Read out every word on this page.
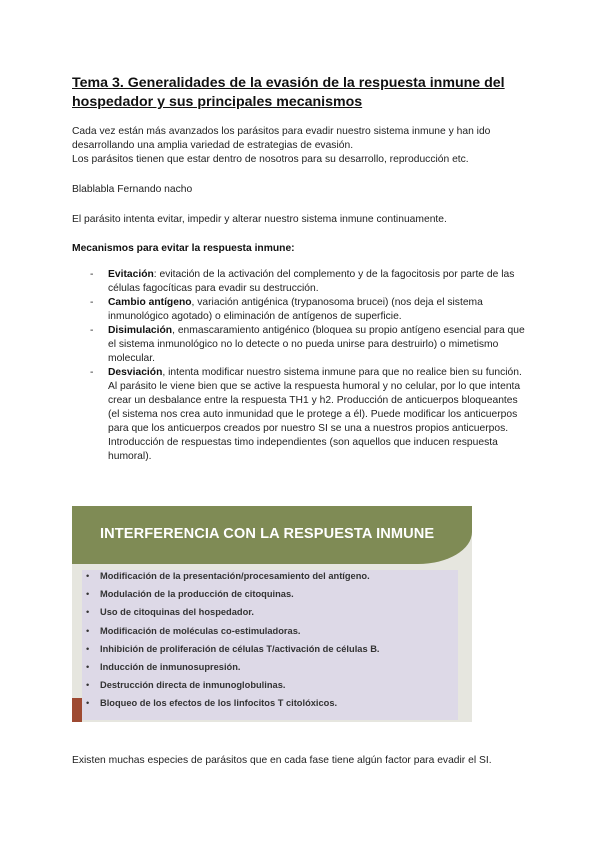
Tema 3. Generalidades de la evasión de la respuesta inmune del hospedador y sus principales mecanismos
Cada vez están más avanzados los parásitos para evadir nuestro sistema inmune y han ido desarrollando una amplia variedad de estrategias de evasión.
Los parásitos tienen que estar dentro de nosotros para su desarrollo, reproducción etc.
Blablabla Fernando nacho
El parásito intenta evitar, impedir y alterar nuestro sistema inmune continuamente.
Mecanismos para evitar la respuesta inmune:
- Evitación: evitación de la activación del complemento y de la fagocitosis por parte de las células fagocíticas para evadir su destrucción.
- Cambio antígeno, variación antigénica (trypanosoma brucei) (nos deja el sistema inmunológico agotado) o eliminación de antígenos de superficie.
- Disimulación, enmascaramiento antigénico (bloquea su propio antígeno esencial para que el sistema inmunológico no lo detecte o no pueda unirse para destruirlo) o mimetismo molecular.
- Desviación, intenta modificar nuestro sistema inmune para que no realice bien su función. Al parásito le viene bien que se active la respuesta humoral y no celular, por lo que intenta crear un desbalance entre la respuesta TH1 y h2. Producción de anticuerpos bloqueantes (el sistema nos crea auto inmunidad que le protege a él). Puede modificar los anticuerpos para que los anticuerpos creados por nuestro SI se una a nuestros propios anticuerpos. Introducción de respuestas timo independientes (son aquellos que inducen respuesta humoral).
INTERFERENCIA CON LA RESPUESTA INMUNE
• Modificación de la presentación/procesamiento del antígeno.
• Modulación de la producción de citoquinas.
• Uso de citoquinas del hospedador.
• Modificación de moléculas co-estimuladoras.
• Inhibición de proliferación de células T/activación de células B.
• Inducción de inmunosupresión.
• Destrucción directa de inmunoglobulinas.
• Bloqueo de los efectos de los linfocitos T citolóxicos.
Existen muchas especies de parásitos que en cada fase tiene algún factor para evadir el SI.
